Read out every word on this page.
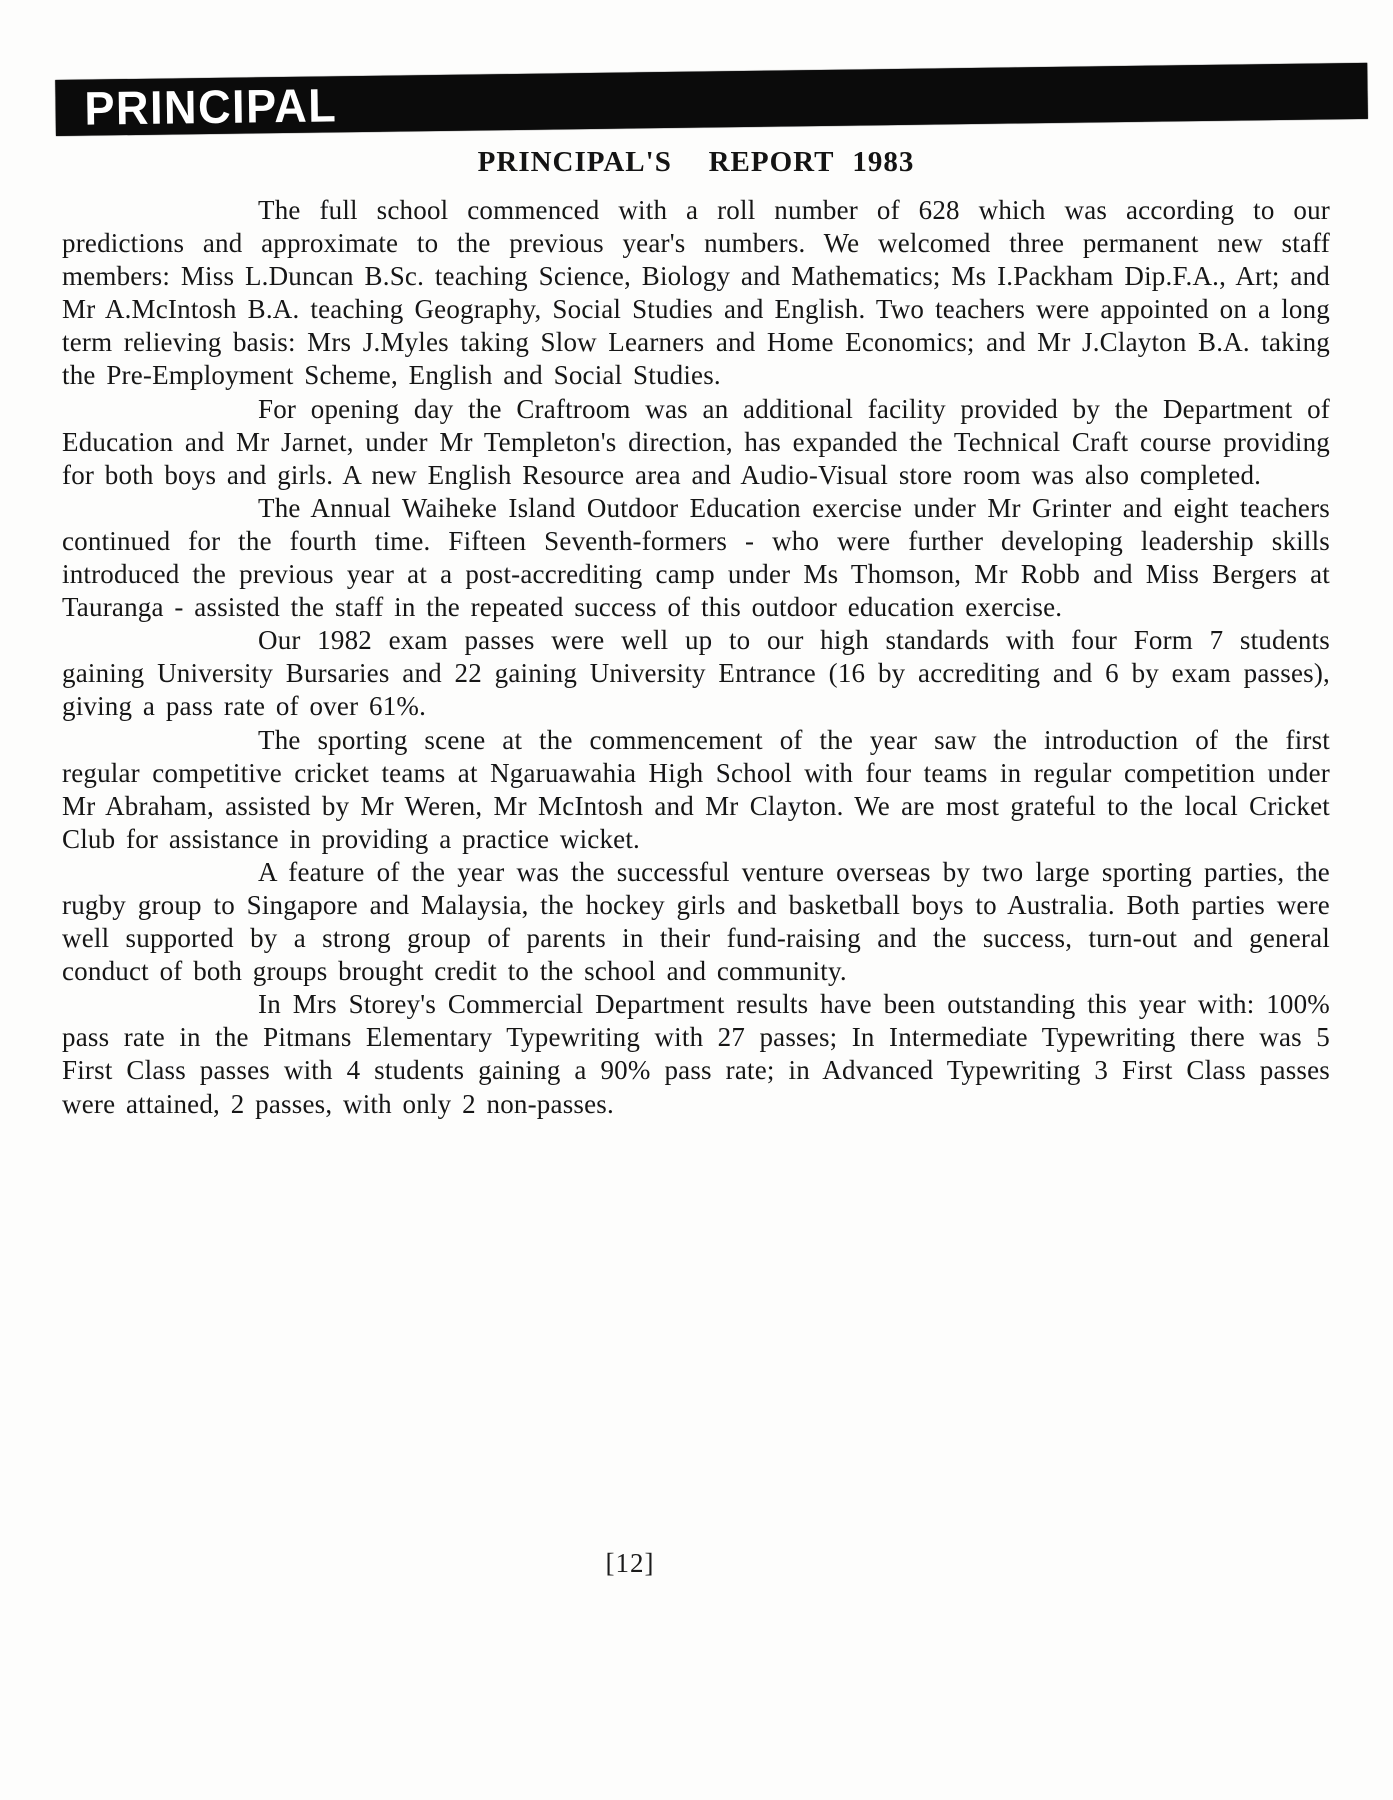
PRINCIPAL
PRINCIPAL'S  REPORT 1983

The full school commenced with a roll number of 628 which was according to our predictions and approximate to the previous year's numbers. We welcomed three permanent new staff members: Miss L.Duncan B.Sc. teaching Science, Biology and Mathematics; Ms I.Packham Dip.F.A., Art; and Mr A.McIntosh B.A. teaching Geography, Social Studies and English. Two teachers were appointed on a long term relieving basis: Mrs J.Myles taking Slow Learners and Home Economics; and Mr J.Clayton B.A. taking the Pre-Employment Scheme, English and Social Studies.

For opening day the Craftroom was an additional facility provided by the Department of Education and Mr Jarnet, under Mr Templeton's direction, has expanded the Technical Craft course providing for both boys and girls. A new English Resource area and Audio-Visual store room was also completed.

The Annual Waiheke Island Outdoor Education exercise under Mr Grinter and eight teachers continued for the fourth time. Fifteen Seventh-formers - who were further developing leadership skills introduced the previous year at a post-accrediting camp under Ms Thomson, Mr Robb and Miss Bergers at Tauranga - assisted the staff in the repeated success of this outdoor education exercise.

Our 1982 exam passes were well up to our high standards with four Form 7 students gaining University Bursaries and 22 gaining University Entrance (16 by accrediting and 6 by exam passes), giving a pass rate of over 61%.

The sporting scene at the commencement of the year saw the introduction of the first regular competitive cricket teams at Ngaruawahia High School with four teams in regular competition under Mr Abraham, assisted by Mr Weren, Mr McIntosh and Mr Clayton. We are most grateful to the local Cricket Club for assistance in providing a practice wicket.

A feature of the year was the successful venture overseas by two large sporting parties, the rugby group to Singapore and Malaysia, the hockey girls and basketball boys to Australia. Both parties were well supported by a strong group of parents in their fund-raising and the success, turn-out and general conduct of both groups brought credit to the school and community.

In Mrs Storey's Commercial Department results have been outstanding this year with: 100% pass rate in the Pitmans Elementary Typewriting with 27 passes; In Intermediate Typewriting there was 5 First Class passes with 4 students gaining a 90% pass rate; in Advanced Typewriting 3 First Class passes were attained, 2 passes, with only 2 non-passes.

[12]
